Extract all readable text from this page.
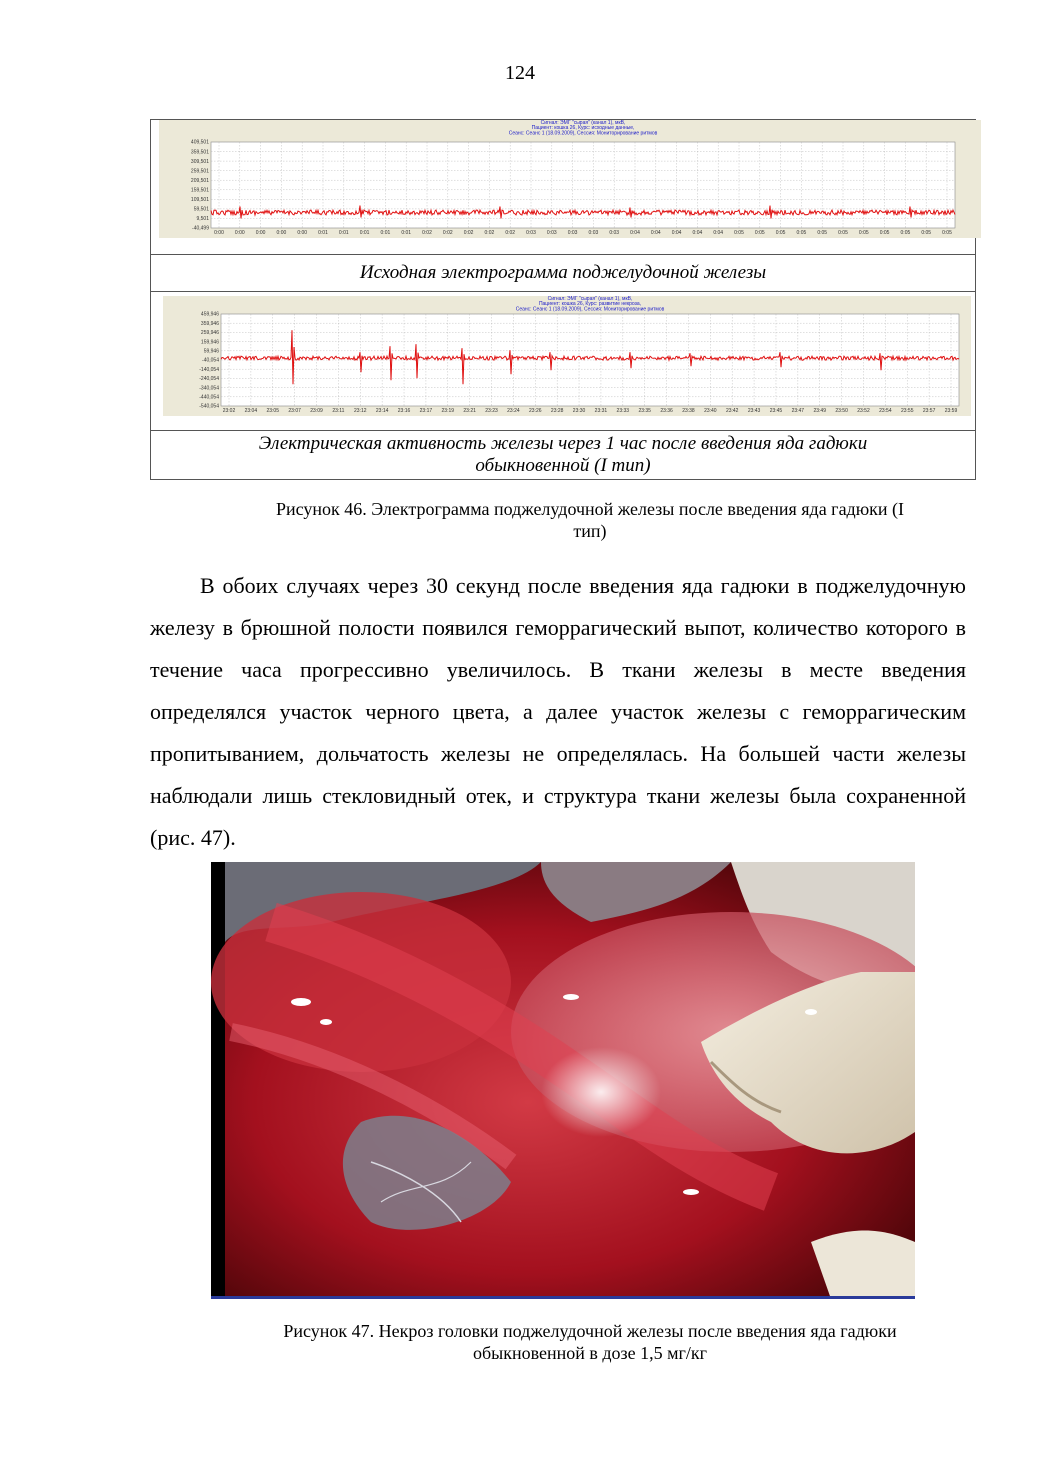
124
Сигнал: ЭМГ "сырая" (канал 1), мкВ,
Пациент: кошка 26, Курс: исходные данные,
Сеанс: Сеанс 1 (18.09.2009), Сессия: Мониторирование ритмов
409,501
359,501
309,501
259,501
209,501
159,501
109,501
59,501
9,501
-40,499
0:00 0:00 0:00 0:00 0:00 0:01 0:01 0:01 0:01 0:01 0:02 0:02 0:02 0:02 0:02 0:03 0:03 0:03 0:03 0:03 0:04 0:04 0:04 0:04 0:04 0:05 0:05 0:05 0:05 0:05 0:05 0:05 0:05 0:05 0:05 0:05

Исходная электрограмма поджелудочной железы

Сигнал: ЭМГ "сырая" (канал 1), мкВ,
Пациент: кошка 26, Курс: развитие некроза,
Сеанс: Сеанс 1 (18.09.2009), Сессия: Мониторирование ритмов
459,946
359,946
259,946
159,946
59,946
-40,054
-140,054
-240,054
-340,054
-440,054
-540,054
23:02 23:04 23:05 23:07 23:09 23:11 23:12 23:14 23:16 23:17 23:19 23:21 23:23 23:24 23:26 23:28 23:30 23:31 23:33 23:35 23:36 23:38 23:40 23:42 23:43 23:45 23:47 23:49 23:50 23:52 23:54 23:55 23:57 23:59

Электрическая активность железы через 1 час после введения яда гадюки
обыкновенной (I тип)
Рисунок 46. Электрограмма поджелудочной железы после введения яда гадюки (I
тип)

В обоих случаях через 30 секунд после введения яда гадюки в поджелудочную железу в брюшной полости появился геморрагический выпот, количество которого в течение часа прогрессивно увеличилось. В ткани железы в месте введения определялся участок черного цвета, а далее участок железы с геморрагическим пропитыванием, дольчатость железы не определялась. На большей части железы наблюдали лишь стекловидный отек, и структура ткани железы была сохраненной (рис. 47).

Рисунок 47. Некроз головки поджелудочной железы после введения яда гадюки
обыкновенной в дозе 1,5 мг/кг
